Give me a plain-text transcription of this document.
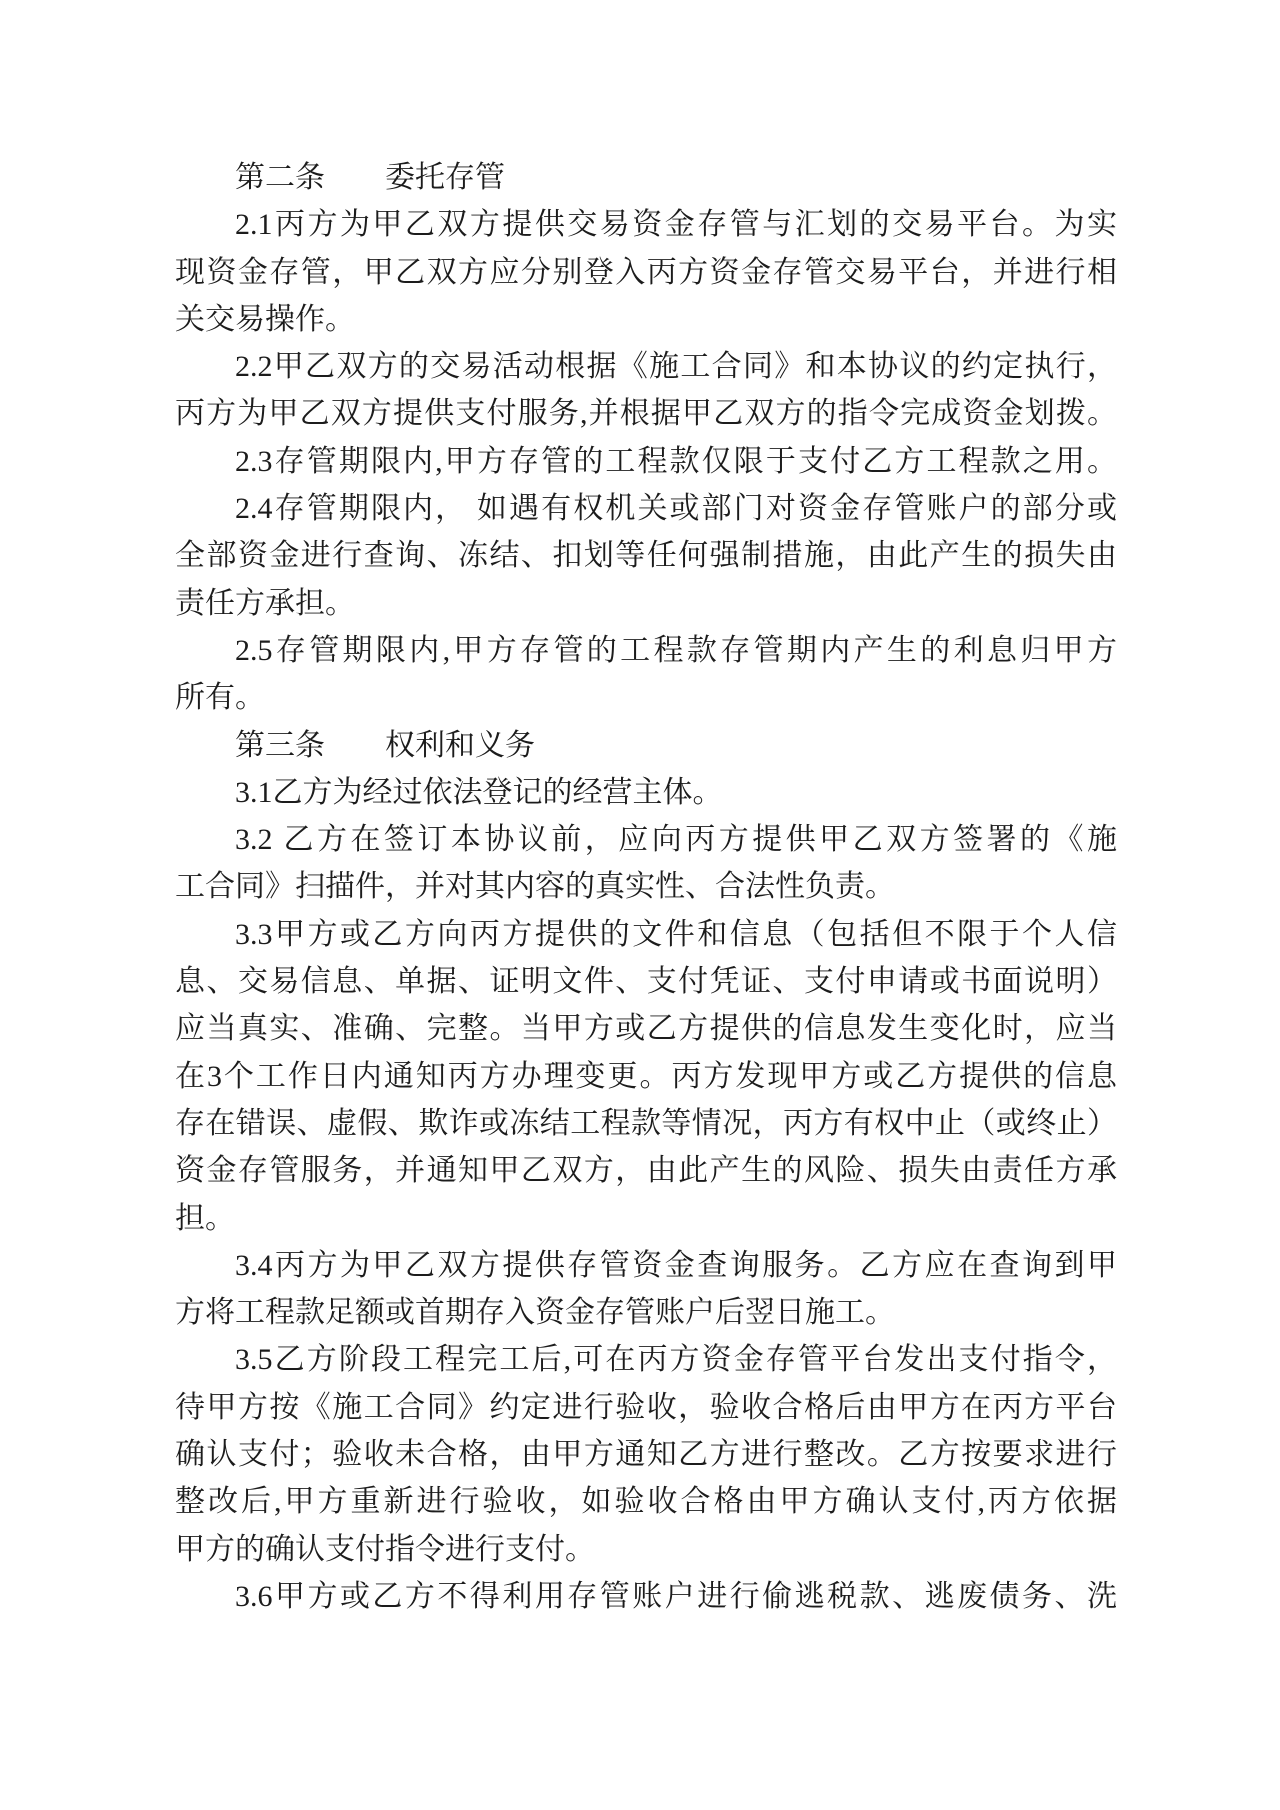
第二条　　委托存管
2.1丙方为甲乙双方提供交易资金存管与汇划的交易平台。为实
现资金存管，甲乙双方应分别登入丙方资金存管交易平台，并进行相
关交易操作。
2.2甲乙双方的交易活动根据《施工合同》和本协议的约定执行，
丙方为甲乙双方提供支付服务,并根据甲乙双方的指令完成资金划拨。
2.3存管期限内,甲方存管的工程款仅限于支付乙方工程款之用。
2.4存管期限内， 如遇有权机关或部门对资金存管账户的部分或
全部资金进行查询、冻结、扣划等任何强制措施，由此产生的损失由
责任方承担。
2.5存管期限内,甲方存管的工程款存管期内产生的利息归甲方
所有。
第三条　　权利和义务
3.1乙方为经过依法登记的经营主体。
3.2 乙方在签订本协议前，应向丙方提供甲乙双方签署的《施
工合同》扫描件，并对其内容的真实性、合法性负责。
3.3甲方或乙方向丙方提供的文件和信息（包括但不限于个人信
息、交易信息、单据、证明文件、支付凭证、支付申请或书面说明）
应当真实、准确、完整。当甲方或乙方提供的信息发生变化时，应当
在3个工作日内通知丙方办理变更。丙方发现甲方或乙方提供的信息
存在错误、虚假、欺诈或冻结工程款等情况，丙方有权中止（或终止）
资金存管服务，并通知甲乙双方，由此产生的风险、损失由责任方承
担。
3.4丙方为甲乙双方提供存管资金查询服务。乙方应在查询到甲
方将工程款足额或首期存入资金存管账户后翌日施工。
3.5乙方阶段工程完工后,可在丙方资金存管平台发出支付指令，
待甲方按《施工合同》约定进行验收，验收合格后由甲方在丙方平台
确认支付；验收未合格，由甲方通知乙方进行整改。乙方按要求进行
整改后,甲方重新进行验收，如验收合格由甲方确认支付,丙方依据
甲方的确认支付指令进行支付。
3.6甲方或乙方不得利用存管账户进行偷逃税款、逃废债务、洗
